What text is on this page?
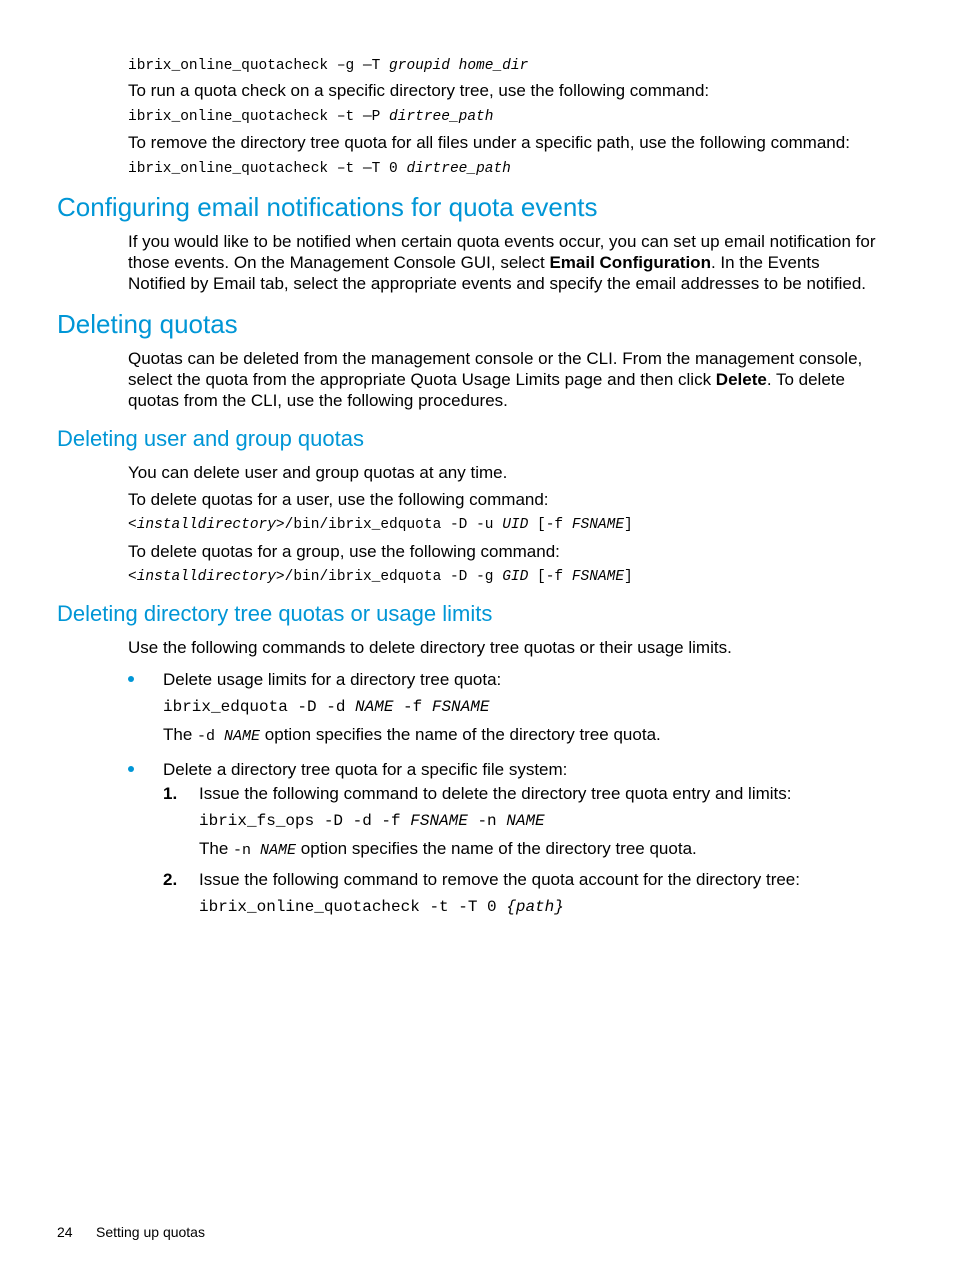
ibrix_online_quotacheck –g —T groupid home_dir
To run a quota check on a specific directory tree, use the following command:
ibrix_online_quotacheck –t —P dirtree_path
To remove the directory tree quota for all files under a specific path, use the following command:
ibrix_online_quotacheck –t —T 0 dirtree_path
Configuring email notifications for quota events
If you would like to be notified when certain quota events occur, you can set up email notification for those events. On the Management Console GUI, select Email Configuration. In the Events Notified by Email tab, select the appropriate events and specify the email addresses to be notified.
Deleting quotas
Quotas can be deleted from the management console or the CLI. From the management console, select the quota from the appropriate Quota Usage Limits page and then click Delete. To delete quotas from the CLI, use the following procedures.
Deleting user and group quotas
You can delete user and group quotas at any time.
To delete quotas for a user, use the following command:
<installdirectory>/bin/ibrix_edquota -D -u UID [-f FSNAME]
To delete quotas for a group, use the following command:
<installdirectory>/bin/ibrix_edquota -D -g GID [-f FSNAME]
Deleting directory tree quotas or usage limits
Use the following commands to delete directory tree quotas or their usage limits.
Delete usage limits for a directory tree quota:
ibrix_edquota -D -d NAME -f FSNAME
The -d NAME option specifies the name of the directory tree quota.
Delete a directory tree quota for a specific file system:
1. Issue the following command to delete the directory tree quota entry and limits:
ibrix_fs_ops -D -d -f FSNAME -n NAME
The -n NAME option specifies the name of the directory tree quota.
2. Issue the following command to remove the quota account for the directory tree:
ibrix_online_quotacheck -t -T 0 {path}
24 Setting up quotas
